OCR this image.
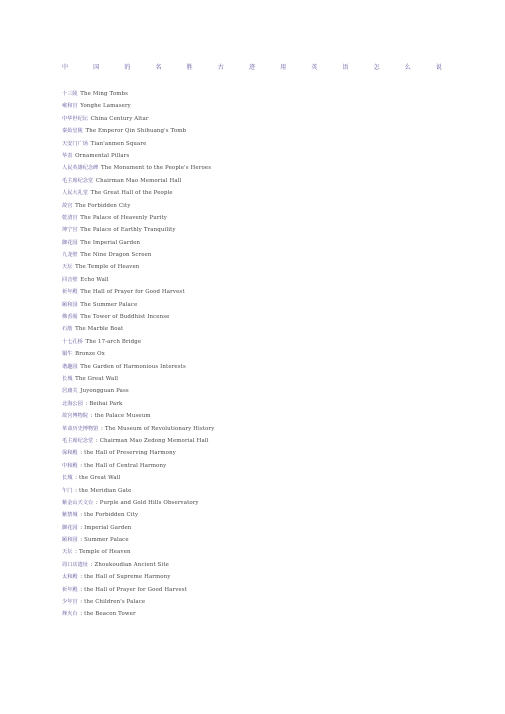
中	国	的	名	胜	古	迹	用	英	语	怎	么	说
十三陵 The Ming Tombs
雍和宫 Yonghe Lamasery
中华世纪坛 China Century Altar
秦始皇陵 The Emperor Qin Shihuang's Tomb
天安门广场 Tian'anmen Square
华表 Ornamental Pillars
人民英雄纪念碑 The Monument to the People's Heroes
毛主席纪念堂 Chairman Mao Memorial Hall
人民大礼堂 The Great Hall of the People
故宫 The Forbidden City
乾清宫 The Palace of Heavenly Purity
坤宁宫 The Palace of Earthly Tranquility
御花园 The Imperial Garden
九龙壁 The Nine Dragon Screen
天坛 The Temple of Heaven
回音壁 Echo Wall
祈年殿 The Hall of Prayer for Good Harvest
颐和园 The Summer Palace
佛香阁 The Tower of Buddhist Incense
石舫 The Marble Boat
十七孔桥 The 17-arch Bridge
铜牛 Bronze Ox
谐趣园 The Garden of Harmonious Interests
长城 The Great Wall
居庸关 Juyongguan Pass
北海公园 : Beihai Park
故宫博物院 : the Palace Museum
革命历史博物馆 : The Museum of Revolutionary History
毛主席纪念堂 : Chairman Mao Zedong Memorial Hall
保和殿 : the Hall of Preserving Harmony
中和殿 : the Hall of Central Harmony
长城 : the Great Wall
午门 : the Meridian Gate
紫金山天文台 : Purple and Gold Hills Observatory
紫禁城 : the Forbidden City
御花园 : Imperial Garden
颐和园 : Summer Palace
天坛 : Temple of Heaven
周口店遗址 : Zhoukoudian Ancient Site
太和殿 : the Hall of Supreme Harmony
祈年殿 : the Hall of Prayer for Good Harvest
少年宫 : the Children's Palace
烽火台 : the Beacon Tower
